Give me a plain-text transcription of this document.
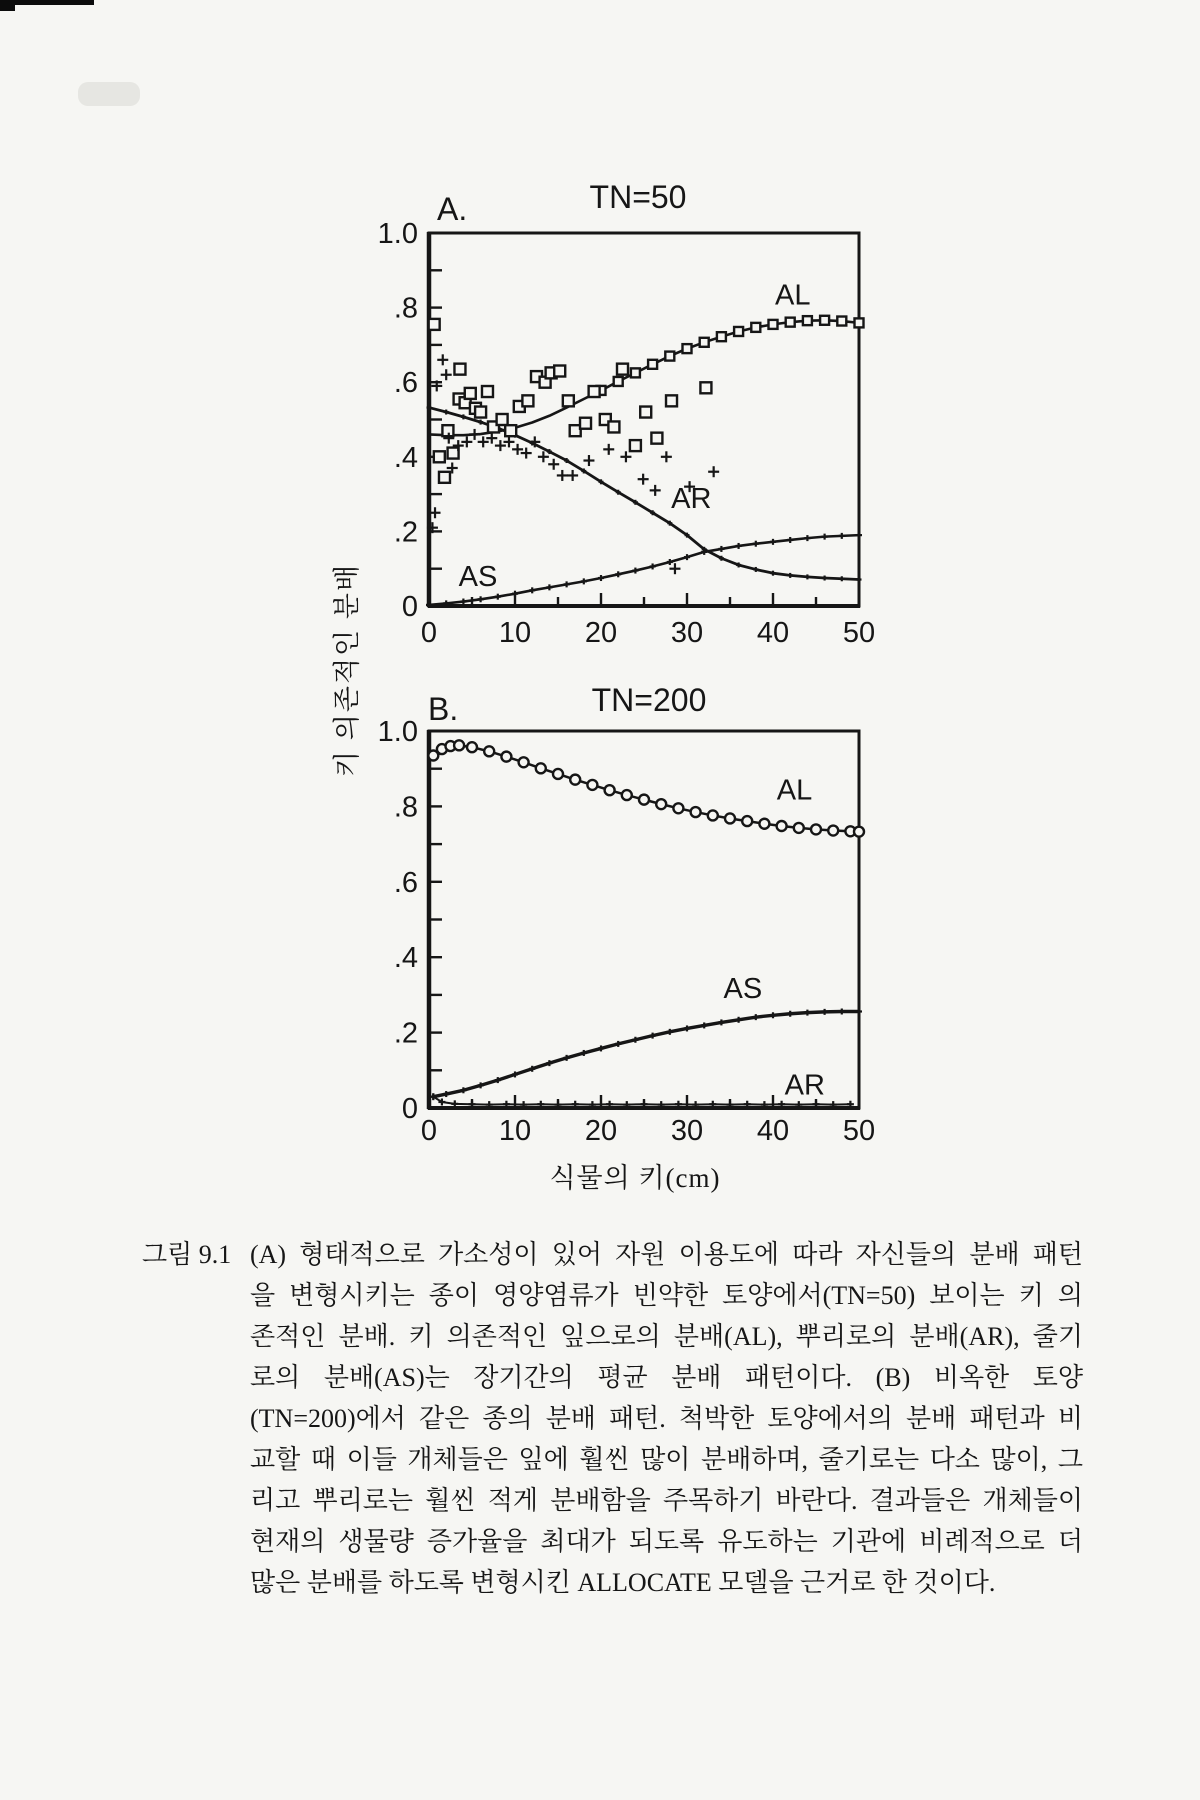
1.0
.8
.6
.4
.2
0
0 10 20 30 40 50
AL
AR
AS
A.	TN=50
1.0
.8
.6
.4
.2
0
0 10 20 30 40 50
AL
AS
AR
B.	TN=200
키 의존적인 분배
식물의 키(cm)
그림 9.1 (A) 형태적으로 가소성이 있어 자원 이용도에 따라 자신들의 분배 패턴
을 변형시키는 종이 영양염류가 빈약한 토양에서(TN=50) 보이는 키 의
존적인 분배. 키 의존적인 잎으로의 분배(AL), 뿌리로의 분배(AR), 줄기
로의 분배(AS)는 장기간의 평균 분배 패턴이다. (B) 비옥한 토양
(TN=200)에서 같은 종의 분배 패턴. 척박한 토양에서의 분배 패턴과 비
교할 때 이들 개체들은 잎에 훨씬 많이 분배하며, 줄기로는 다소 많이, 그
리고 뿌리로는 훨씬 적게 분배함을 주목하기 바란다. 결과들은 개체들이
현재의 생물량 증가율을 최대가 되도록 유도하는 기관에 비례적으로 더
많은 분배를 하도록 변형시킨 ALLOCATE 모델을 근거로 한 것이다.
